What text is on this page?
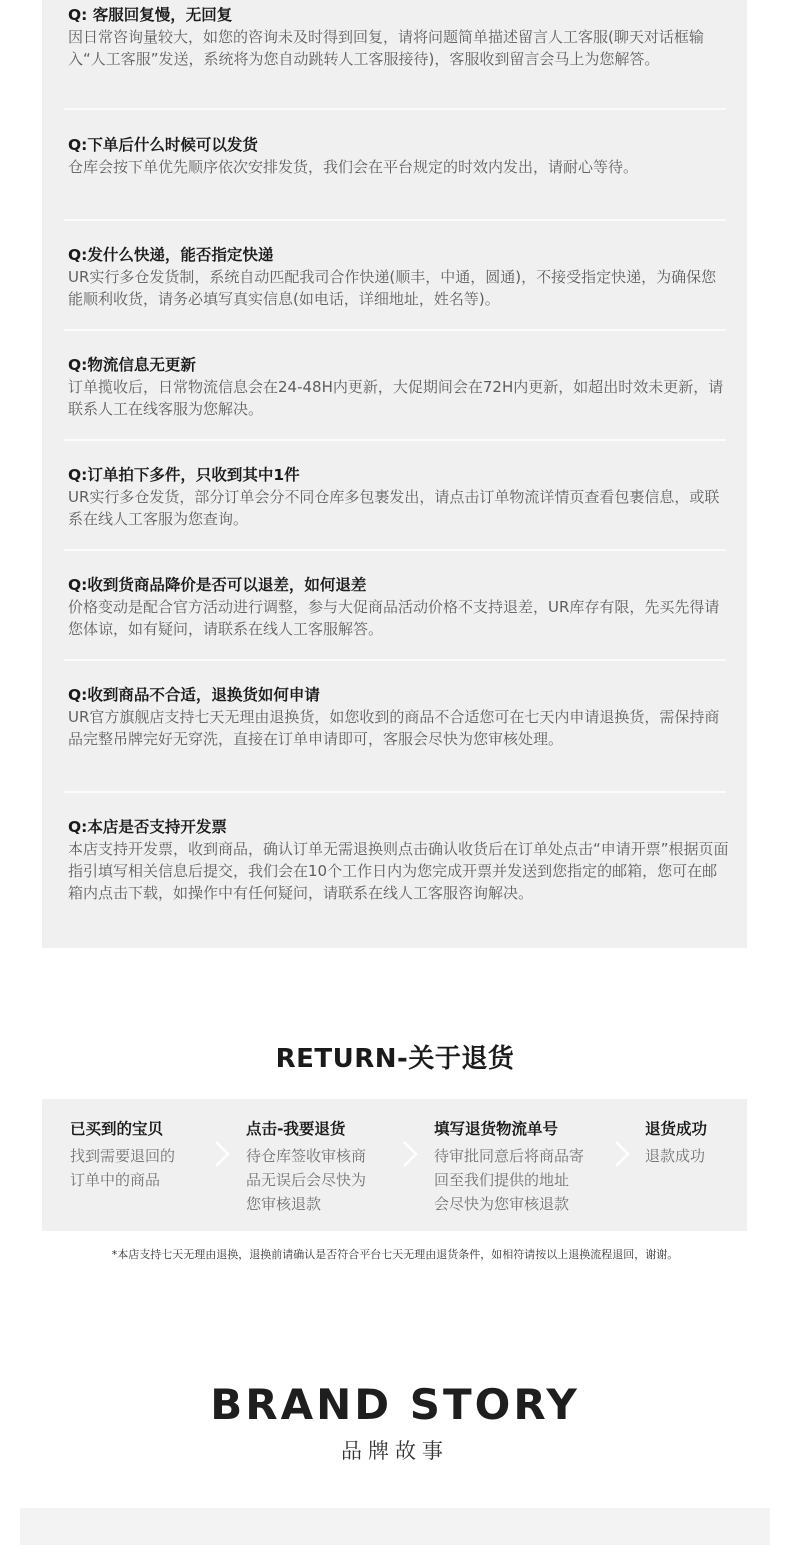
Q: 客服回复慢，无回复

因日常咨询量较大，如您的咨询未及时得到回复，请将问题简单描述留言人工客服(聊天对话框输入“人工客服”发送，系统将为您自动跳转人工客服接待)，客服收到留言会马上为您解答。

Q:下单后什么时候可以发货

仓库会按下单优先顺序依次安排发货，我们会在平台规定的时效内发出，请耐心等待。

Q:发什么快递，能否指定快递

UR实行多仓发货制，系统自动匹配我司合作快递(顺丰，中通，圆通)，不接受指定快递，为确保您能顺利收货，请务必填写真实信息(如电话，详细地址，姓名等)。

Q:物流信息无更新

订单揽收后，日常物流信息会在24-48H内更新，大促期间会在72H内更新，如超出时效未更新，请联系人工在线客服为您解决。

Q:订单拍下多件，只收到其中1件

UR实行多仓发货，部分订单会分不同仓库多包裹发出，请点击订单物流详情页查看包裹信息，或联系在线人工客服为您查询。

Q:收到货商品降价是否可以退差，如何退差

价格变动是配合官方活动进行调整，参与大促商品活动价格不支持退差，UR库存有限，先买先得请您体谅，如有疑问，请联系在线人工客服解答。

Q:收到商品不合适，退换货如何申请

UR官方旗舰店支持七天无理由退换货，如您收到的商品不合适您可在七天内申请退换货，需保持商品完整吊牌完好无穿洗，直接在订单申请即可，客服会尽快为您审核处理。

Q:本店是否支持开发票

本店支持开发票，收到商品，确认订单无需退换则点击确认收货后在订单处点击“申请开票”根据页面指引填写相关信息后提交，我们会在10个工作日内为您完成开票并发送到您指定的邮箱，您可在邮箱内点击下载，如操作中有任何疑问，请联系在线人工客服咨询解决。

RETURN-关于退货

已买到的宝贝

找到需要退回的
订单中的商品

点击-我要退货

待仓库签收审核商
品无误后会尽快为
您审核退款

填写退货物流单号

待审批同意后将商品寄
回至我们提供的地址
会尽快为您审核退款

退货成功

退款成功

*本店支持七天无理由退换，退换前请确认是否符合平台七天无理由退货条件，如相符请按以上退换流程退回，谢谢。
BRAND STORY
品牌故事
